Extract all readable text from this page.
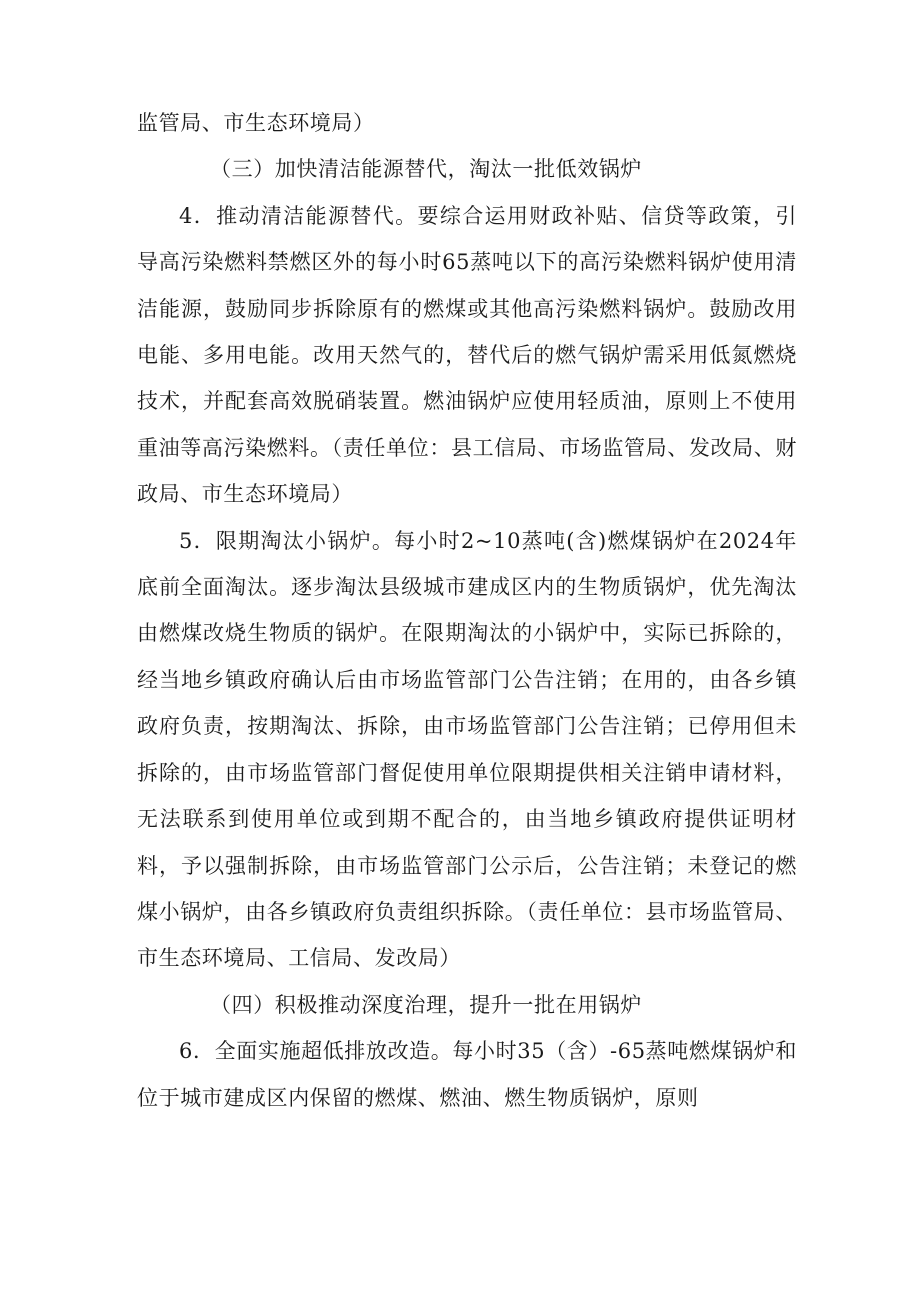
监管局、市生态环境局）

（三）加快清洁能源替代，淘汰一批低效锅炉

4．推动清洁能源替代。要综合运用财政补贴、信贷等政策，引导高污染燃料禁燃区外的每小时65蒸吨以下的高污染燃料锅炉使用清洁能源，鼓励同步拆除原有的燃煤或其他高污染燃料锅炉。鼓励改用电能、多用电能。改用天然气的，替代后的燃气锅炉需采用低氮燃烧技术，并配套高效脱硝装置。燃油锅炉应使用轻质油，原则上不使用重油等高污染燃料。（责任单位：县工信局、市场监管局、发改局、财政局、市生态环境局）

5．限期淘汰小锅炉。每小时2~10蒸吨(含)燃煤锅炉在2024年底前全面淘汰。逐步淘汰县级城市建成区内的生物质锅炉，优先淘汰由燃煤改烧生物质的锅炉。在限期淘汰的小锅炉中，实际已拆除的，经当地乡镇政府确认后由市场监管部门公告注销；在用的，由各乡镇政府负责，按期淘汰、拆除，由市场监管部门公告注销；已停用但未拆除的，由市场监管部门督促使用单位限期提供相关注销申请材料，无法联系到使用单位或到期不配合的，由当地乡镇政府提供证明材料，予以强制拆除，由市场监管部门公示后，公告注销；未登记的燃煤小锅炉，由各乡镇政府负责组织拆除。（责任单位：县市场监管局、市生态环境局、工信局、发改局）

（四）积极推动深度治理，提升一批在用锅炉

6．全面实施超低排放改造。每小时35（含）-65蒸吨燃煤锅炉和位于城市建成区内保留的燃煤、燃油、燃生物质锅炉，原则
